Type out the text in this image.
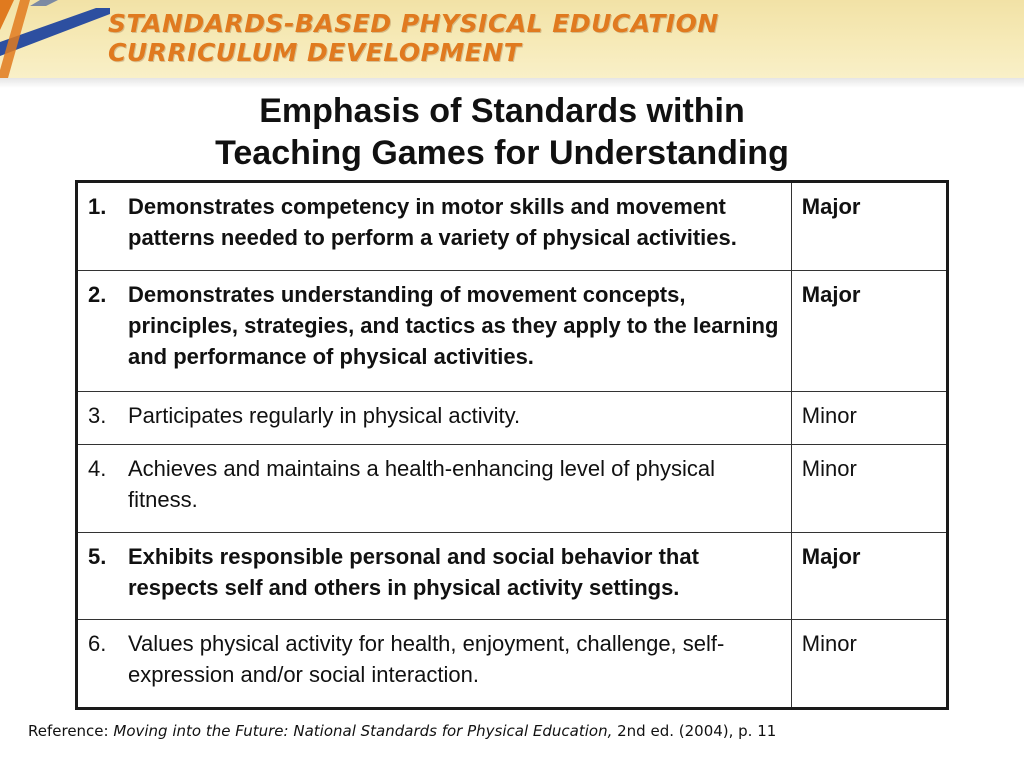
STANDARDS-BASED PHYSICAL EDUCATION

CURRICULUM DEVELOPMENT

Emphasis of Standards within
Teaching Games for Understanding
1. Demonstrates competency in motor skills and movement patterns needed to perform a variety of physical activities.	Major

2. Demonstrates understanding of movement concepts, principles, strategies, and tactics as they apply to the learning and performance of physical activities.	Major

3. Participates regularly in physical activity.	Minor

4. Achieves and maintains a health-enhancing level of physical fitness.	Minor

5. Exhibits responsible personal and social behavior that respects self and others in physical activity settings.	Major

6. Values physical activity for health, enjoyment, challenge, self-expression and/or social interaction.	Minor

Reference: Moving into the Future: National Standards for Physical Education, 2nd ed. (2004), p. 11
